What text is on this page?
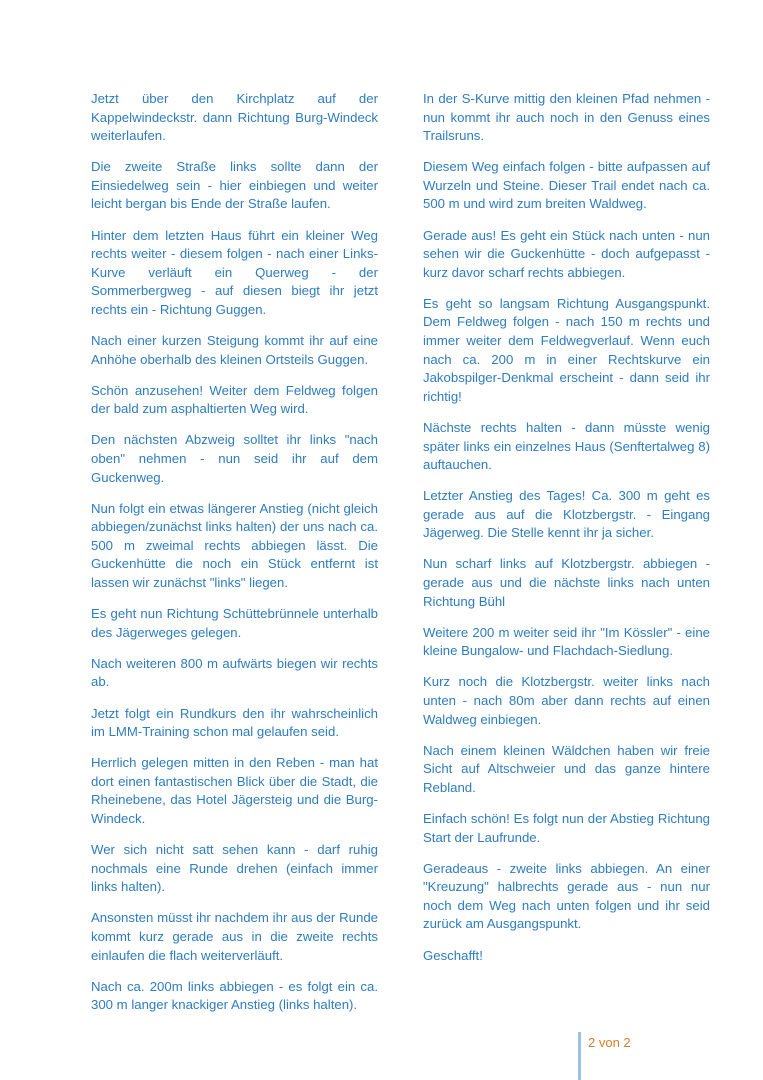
Jetzt über den Kirchplatz auf der Kappelwindeckstr. dann Richtung Burg-Windeck weiterlaufen.

Die zweite Straße links sollte dann der Einsiedelweg sein - hier einbiegen und weiter leicht bergan bis Ende der Straße laufen.

Hinter dem letzten Haus führt ein kleiner Weg rechts weiter - diesem folgen - nach einer Links-Kurve verläuft ein Querweg - der Sommerbergweg - auf diesen biegt ihr jetzt rechts ein - Richtung Guggen.

Nach einer kurzen Steigung kommt ihr auf eine Anhöhe oberhalb des kleinen Ortsteils Guggen.

Schön anzusehen! Weiter dem Feldweg folgen der bald zum asphaltierten Weg wird.

Den nächsten Abzweig solltet ihr links "nach oben" nehmen - nun seid ihr auf dem Guckenweg.

Nun folgt ein etwas längerer Anstieg (nicht gleich abbiegen/zunächst links halten) der uns nach ca. 500 m zweimal rechts abbiegen lässt. Die Guckenhütte die noch ein Stück entfernt ist lassen wir zunächst "links" liegen.

Es geht nun Richtung Schüttebrünnele unterhalb des Jägerweges gelegen.

Nach weiteren 800 m aufwärts biegen wir rechts ab.

Jetzt folgt ein Rundkurs den ihr wahrscheinlich im LMM-Training schon mal gelaufen seid.

Herrlich gelegen mitten in den Reben - man hat dort einen fantastischen Blick über die Stadt, die Rheinebene, das Hotel Jägersteig und die Burg-Windeck.

Wer sich nicht satt sehen kann - darf ruhig nochmals eine Runde drehen (einfach immer links halten).

Ansonsten müsst ihr nachdem ihr aus der Runde kommt kurz gerade aus in die zweite rechts einlaufen die flach weiterverläuft.

Nach ca. 200m links abbiegen - es folgt ein ca. 300 m langer knackiger Anstieg (links halten).

In der S-Kurve mittig den kleinen Pfad nehmen - nun kommt ihr auch noch in den Genuss eines Trailsruns.

Diesem Weg einfach folgen - bitte aufpassen auf Wurzeln und Steine. Dieser Trail endet nach ca. 500 m und wird zum breiten Waldweg.

Gerade aus! Es geht ein Stück nach unten - nun sehen wir die Guckenhütte - doch aufgepasst - kurz davor scharf rechts abbiegen.

Es geht so langsam Richtung Ausgangspunkt. Dem Feldweg folgen - nach 150 m rechts und immer weiter dem Feldwegverlauf. Wenn euch nach ca. 200 m in einer Rechtskurve ein Jakobspilger-Denkmal erscheint - dann seid ihr richtig!

Nächste rechts halten - dann müsste wenig später links ein einzelnes Haus (Senftertalweg 8) auftauchen.

Letzter Anstieg des Tages! Ca. 300 m geht es gerade aus auf die Klotzbergstr. - Eingang Jägerweg. Die Stelle kennt ihr ja sicher.

Nun scharf links auf Klotzbergstr. abbiegen - gerade aus und die nächste links nach unten Richtung Bühl

Weitere 200 m weiter seid ihr "Im Kössler" - eine kleine Bungalow- und Flachdach-Siedlung.

Kurz noch die Klotzbergstr. weiter links nach unten - nach 80m aber dann rechts auf einen Waldweg einbiegen.

Nach einem kleinen Wäldchen haben wir freie Sicht auf Altschweier und das ganze hintere Rebland.

Einfach schön! Es folgt nun der Abstieg Richtung Start der Laufrunde.

Geradeaus - zweite links abbiegen. An einer "Kreuzung" halbrechts gerade aus - nun nur noch dem Weg nach unten folgen und ihr seid zurück am Ausgangspunkt.

Geschafft!

2 von 2
